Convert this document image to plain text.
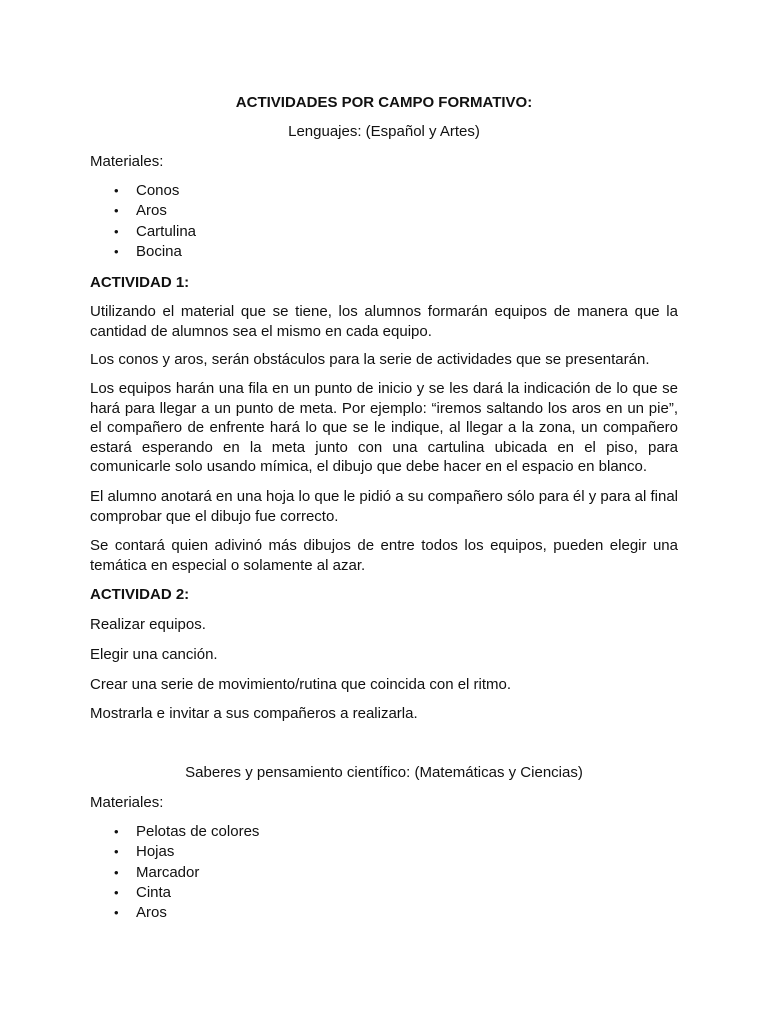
ACTIVIDADES POR CAMPO FORMATIVO:

Lenguajes: (Español y Artes)

Materiales:

• Conos
• Aros
• Cartulina
• Bocina

ACTIVIDAD 1:

Utilizando el material que se tiene, los alumnos formarán equipos de manera que la cantidad de alumnos sea el mismo en cada equipo.

Los conos y aros, serán obstáculos para la serie de actividades que se presentarán.

Los equipos harán una fila en un punto de inicio y se les dará la indicación de lo que se hará para llegar a un punto de meta. Por ejemplo: “iremos saltando los aros en un pie”, el compañero de enfrente hará lo que se le indique, al llegar a la zona, un compañero estará esperando en la meta junto con una cartulina ubicada en el piso, para comunicarle solo usando mímica, el dibujo que debe hacer en el espacio en blanco.

El alumno anotará en una hoja lo que le pidió a su compañero sólo para él y para al final comprobar que el dibujo fue correcto.

Se contará quien adivinó más dibujos de entre todos los equipos, pueden elegir una temática en especial o solamente al azar.

ACTIVIDAD 2:

Realizar equipos.

Elegir una canción.

Crear una serie de movimiento/rutina que coincida con el ritmo.

Mostrarla e invitar a sus compañeros a realizarla.

Saberes y pensamiento científico: (Matemáticas y Ciencias)

Materiales:

• Pelotas de colores
• Hojas
• Marcador
• Cinta
• Aros
